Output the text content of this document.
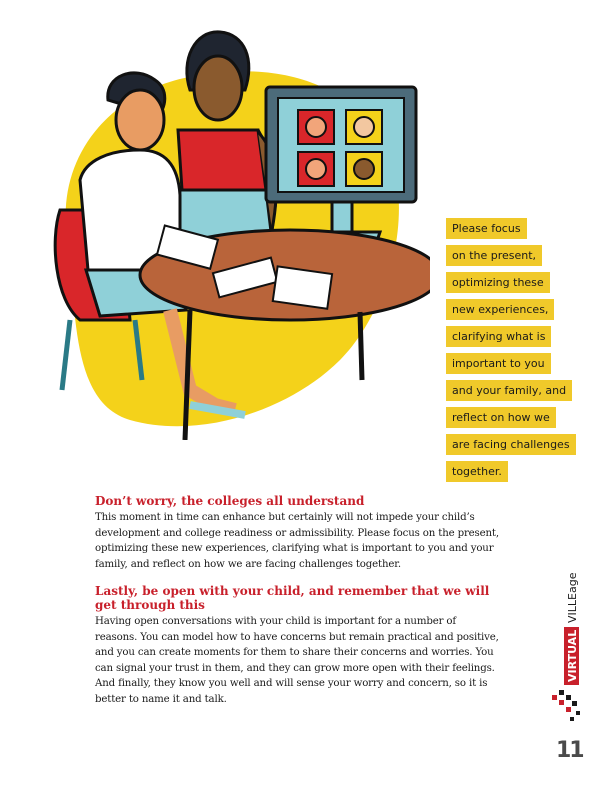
Please focus
on the present,
optimizing these
new experiences,
clarifying what is
important to you
and your family, and
reflect on how we
are facing challenges
together.
Don’t worry, the colleges all understand

This moment in time can enhance but certainly will not impede your child’s development and college readiness or admissibility. Please focus on the present, optimizing these new experiences, clarifying what is important to you and your family, and reflect on how we are facing challenges together.

Lastly, be open with your child, and remember that we will get through this

Having open conversations with your child is important for a number of reasons. You can model how to have concerns but remain practical and positive, and you can create moments for them to share their concerns and worries. You can signal your trust in them, and they can grow more open with their feelings. And finally, they know you well and will sense your worry and concern, so it is better to name it and talk.

VIRTUAL
VILLEage
11
